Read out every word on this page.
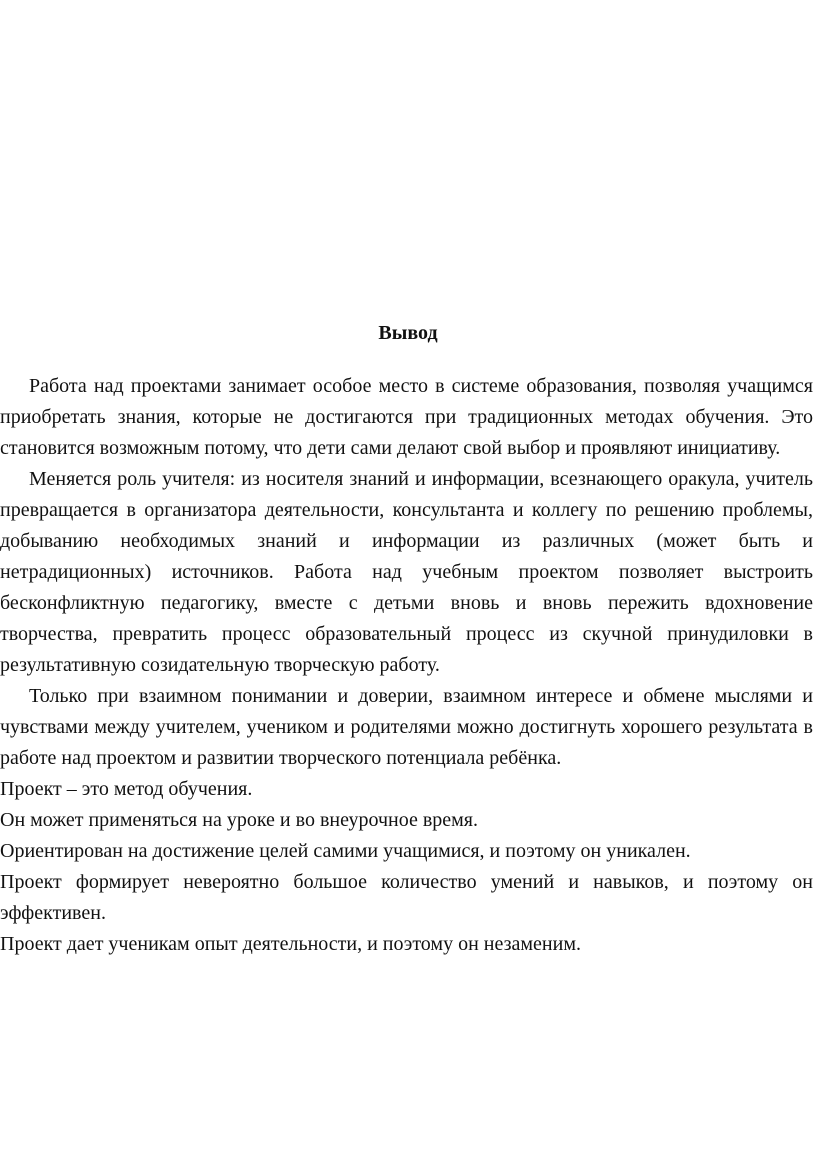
Вывод

Работа над проектами занимает особое место в системе образования, позволяя учащимся приобретать знания, которые не достигаются при традиционных методах обучения. Это становится возможным потому, что дети сами делают свой выбор и проявляют инициативу.

Меняется роль учителя: из носителя знаний и информации, всезнающего оракула, учитель превращается в организатора деятельности, консультанта и коллегу по решению проблемы, добыванию необходимых знаний и информации из различных (может быть и нетрадиционных) источников. Работа над учебным проектом позволяет выстроить бесконфликтную педагогику, вместе с детьми вновь и вновь пережить вдохновение творчества, превратить процесс образовательный процесс из скучной принудиловки в результативную созидательную творческую работу.

Только при взаимном понимании и доверии, взаимном интересе и обмене мыслями и чувствами между учителем, учеником и родителями можно достигнуть хорошего результата в работе над проектом и развитии творческого потенциала ребёнка.

Проект – это метод обучения.

Он может применяться на уроке и во внеурочное время.

Ориентирован на достижение целей самими учащимися, и поэтому он уникален.

Проект формирует невероятно большое количество умений и навыков, и поэтому он эффективен.

Проект дает ученикам опыт деятельности, и поэтому он незаменим.
